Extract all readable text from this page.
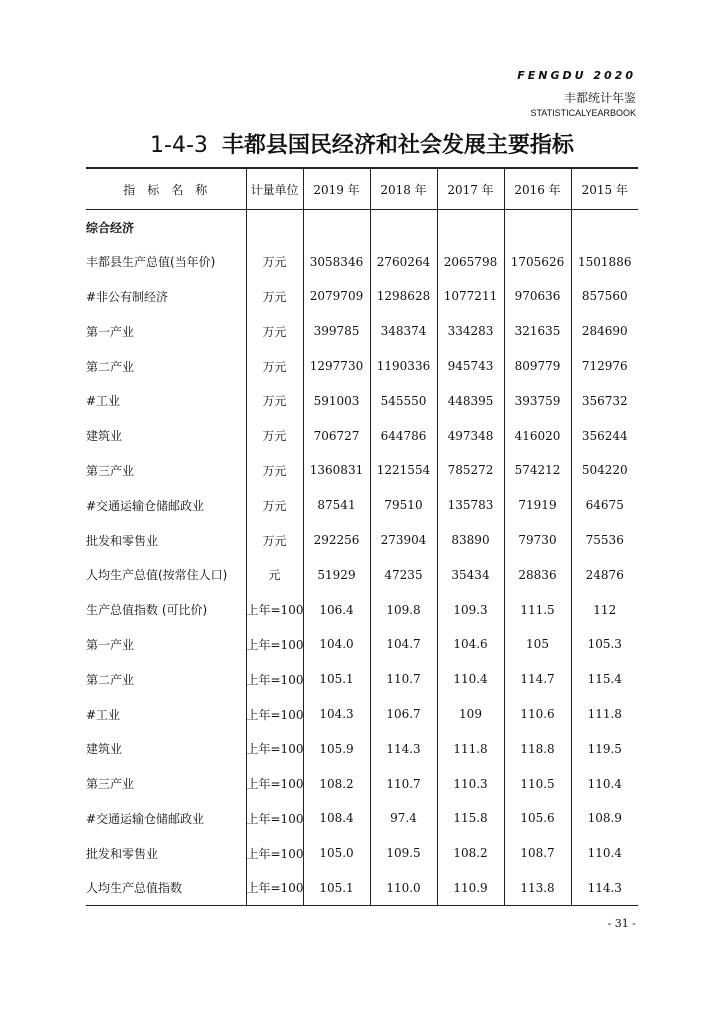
FENGDU 2020
丰都统计年鉴
STATISTICALYEARBOOK
1-4-3 丰都县国民经济和社会发展主要指标
指标名称	计量单位	2019 年	2018 年	2017 年	2016 年	2015 年
综合经济						
丰都县生产总值(当年价)	万元	3058346	2760264	2065798	1705626	1501886
#非公有制经济	万元	2079709	1298628	1077211	970636	857560
第一产业	万元	399785	348374	334283	321635	284690
第二产业	万元	1297730	1190336	945743	809779	712976
#工业	万元	591003	545550	448395	393759	356732
建筑业	万元	706727	644786	497348	416020	356244
第三产业	万元	1360831	1221554	785272	574212	504220
#交通运输仓储邮政业	万元	87541	79510	135783	71919	64675
批发和零售业	万元	292256	273904	83890	79730	75536
人均生产总值(按常住人口)	元	51929	47235	35434	28836	24876
生产总值指数 (可比价)	上年=100	106.4	109.8	109.3	111.5	112
第一产业	上年=100	104.0	104.7	104.6	105	105.3
第二产业	上年=100	105.1	110.7	110.4	114.7	115.4
#工业	上年=100	104.3	106.7	109	110.6	111.8
建筑业	上年=100	105.9	114.3	111.8	118.8	119.5
第三产业	上年=100	108.2	110.7	110.3	110.5	110.4
#交通运输仓储邮政业	上年=100	108.4	97.4	115.8	105.6	108.9
批发和零售业	上年=100	105.0	109.5	108.2	108.7	110.4
人均生产总值指数	上年=100	105.1	110.0	110.9	113.8	114.3
- 31 -
